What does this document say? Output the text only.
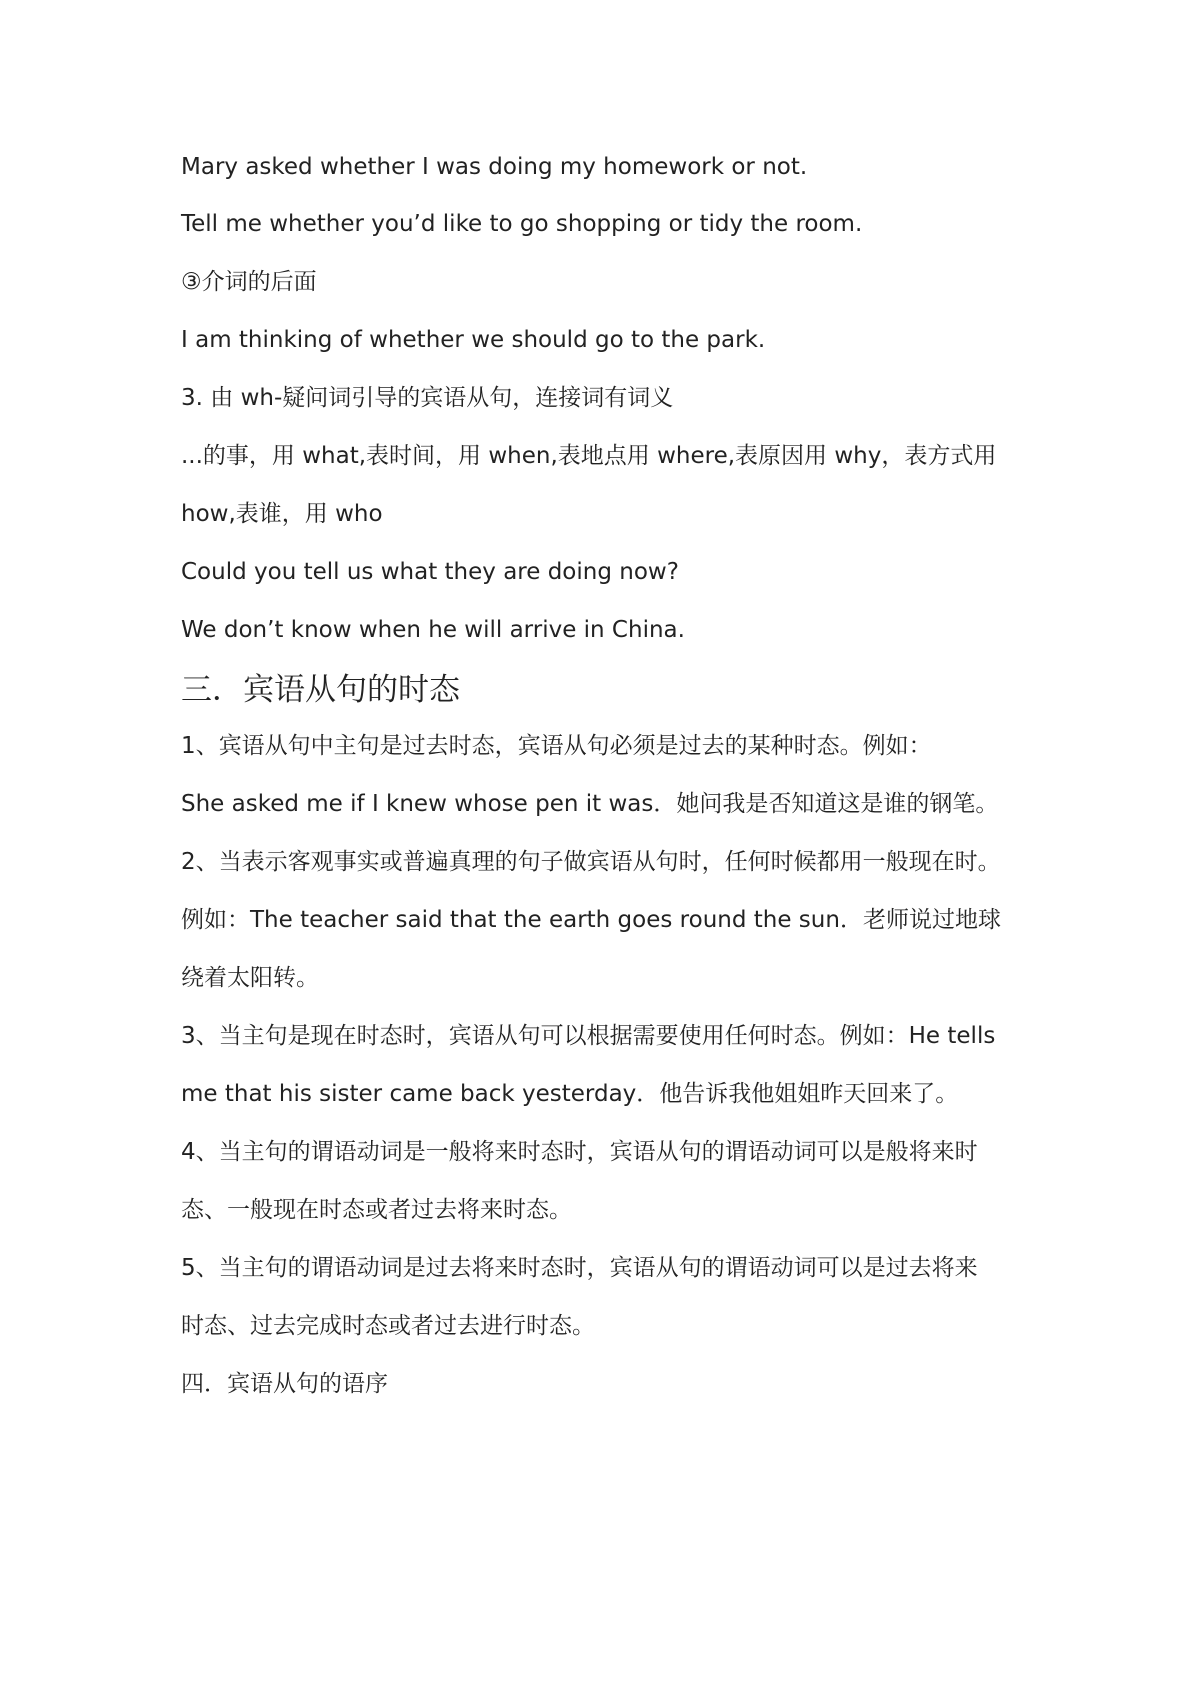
Mary asked whether I was doing my homework or not.

Tell me whether you’d like to go shopping or tidy the room.

③介词的后面

I am thinking of whether we should go to the park.

3. 由 wh-疑问词引导的宾语从句，连接词有词义

...的事，用 what,表时间，用 when,表地点用 where,表原因用 why，表方式用

how,表谁，用 who

Could you tell us what they are doing now?

We don’t know when he will arrive in China.

三．宾语从句的时态

1、宾语从句中主句是过去时态，宾语从句必须是过去的某种时态。例如：

She asked me if I knew whose pen it was．她问我是否知道这是谁的钢笔。

2、当表示客观事实或普遍真理的句子做宾语从句时，任何时候都用一般现在时。

例如：The teacher said that the earth goes round the sun．老师说过地球

绕着太阳转。

3、当主句是现在时态时，宾语从句可以根据需要使用任何时态。例如：He tells

me that his sister came back yesterday．他告诉我他姐姐昨天回来了。

4、当主句的谓语动词是一般将来时态时，宾语从句的谓语动词可以是般将来时

态、一般现在时态或者过去将来时态。

5、当主句的谓语动词是过去将来时态时，宾语从句的谓语动词可以是过去将来

时态、过去完成时态或者过去进行时态。

四．宾语从句的语序
